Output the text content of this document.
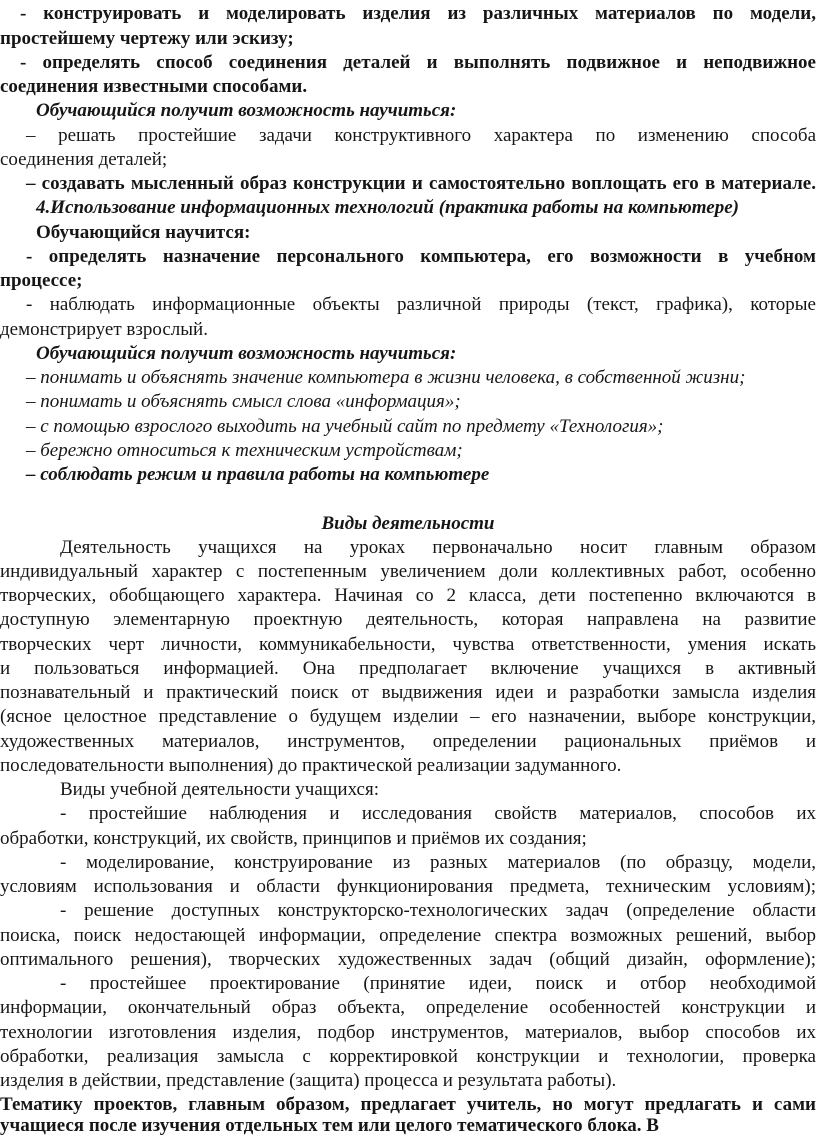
- конструировать и моделировать изделия из различных материалов по модели,
простейшему чертежу или эскизу;
- определять способ соединения деталей и выполнять подвижное и неподвижное
соединения известными способами.
Обучающийся получит возможность научиться:
– решать простейшие задачи конструктивного характера по изменению способа
соединения деталей;
– создавать мысленный образ конструкции и самостоятельно воплощать его в материале.
4.Использование информационных технологий (практика работы на компьютере)
Обучающийся научится:
- определять назначение персонального компьютера, его возможности в учебном
процессе;
- наблюдать информационные объекты различной природы (текст, графика), которые
демонстрирует взрослый.
Обучающийся получит возможность научиться:
– понимать и объяснять значение компьютера в жизни человека, в собственной жизни;
– понимать и объяснять смысл слова «информация»;
– с помощью взрослого выходить на учебный сайт по предмету «Технология»;
– бережно относиться к техническим устройствам;
– соблюдать режим и правила работы на компьютере
Виды деятельности
Деятельность учащихся на уроках первоначально носит главным образом
индивидуальный характер с постепенным увеличением доли коллективных работ, особенно
творческих, обобщающего характера. Начиная со 2 класса, дети постепенно включаются в
доступную элементарную проектную деятельность, которая направлена на развитие
творческих черт личности, коммуникабельности, чувства ответственности, умения искать
и пользоваться информацией. Она предполагает включение учащихся в активный
познавательный и практический поиск от выдвижения идеи и разработки замысла изделия
(ясное целостное представление о будущем изделии – его назначении, выборе конструкции,
художественных материалов, инструментов, определении рациональных приёмов и
последовательности выполнения) до практической реализации задуманного.
Виды учебной деятельности учащихся:
- простейшие наблюдения и исследования свойств материалов, способов их
обработки, конструкций, их свойств, принципов и приёмов их создания;
- моделирование, конструирование из разных материалов (по образцу, модели,
условиям использования и области функционирования предмета, техническим условиям);
- решение доступных конструкторско-технологических задач (определение области
поиска, поиск недостающей информации, определение спектра возможных решений, выбор
оптимального решения), творческих художественных задач (общий дизайн, оформление);
- простейшее проектирование (принятие идеи, поиск и отбор необходимой
информации, окончательный образ объекта, определение особенностей конструкции и
технологии изготовления изделия, подбор инструментов, материалов, выбор способов их
обработки, реализация замысла с корректировкой конструкции и технологии, проверка
изделия в действии, представление (защита) процесса и результата работы).
Тематику проектов, главным образом, предлагает учитель, но могут предлагать и сами
учащиеся после изучения отдельных тем или целого тематического блока. В
